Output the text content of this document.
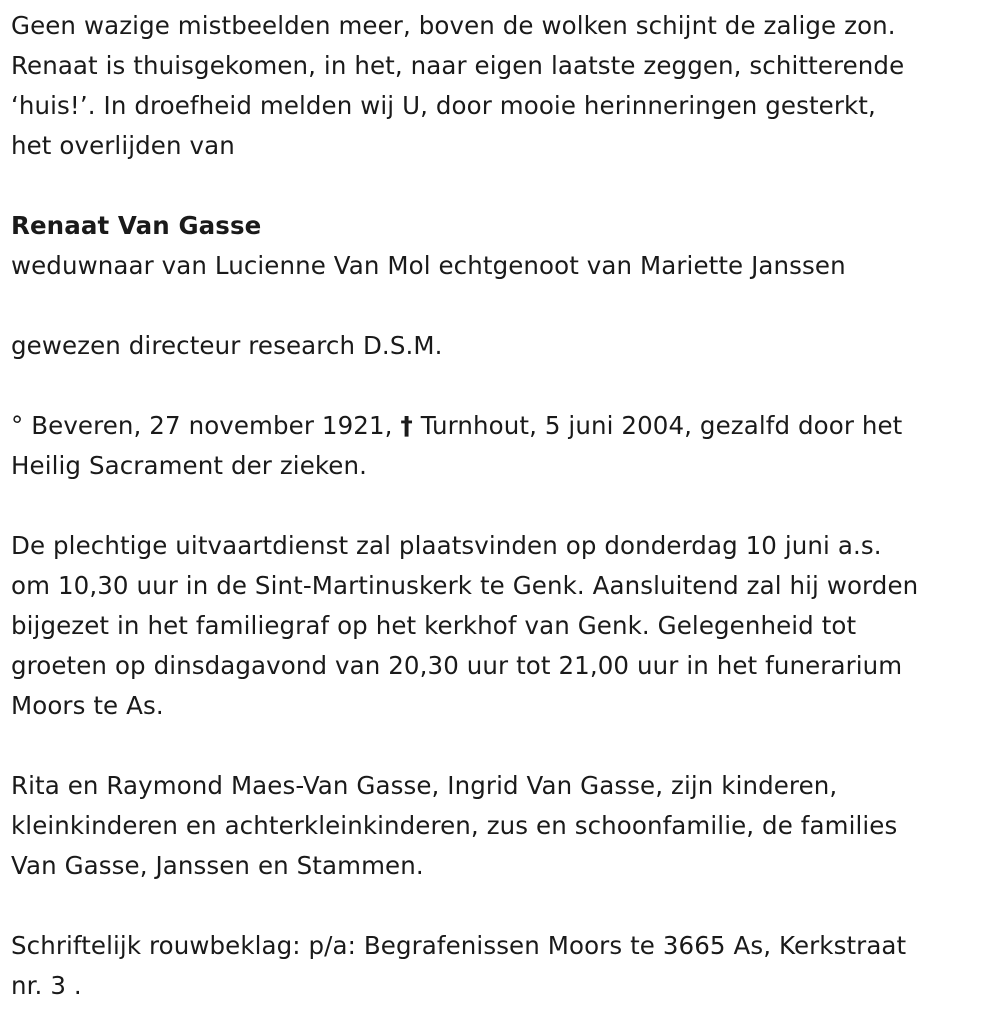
Geen wazige mistbeelden meer, boven de wolken schijnt de zalige zon.
Renaat is thuisgekomen, in het, naar eigen laatste zeggen, schitterende
‘huis!’. In droefheid melden wij U, door mooie herinneringen gesterkt,
het overlijden van

Renaat Van Gasse

weduwnaar van Lucienne Van Mol echtgenoot van Mariette Janssen

gewezen directeur research D.S.M.

° Beveren, 27 november 1921, † Turnhout, 5 juni 2004, gezalfd door het
Heilig Sacrament der zieken.

De plechtige uitvaartdienst zal plaatsvinden op donderdag 10 juni a.s.
om 10,30 uur in de Sint-Martinuskerk te Genk. Aansluitend zal hij worden
bijgezet in het familiegraf op het kerkhof van Genk. Gelegenheid tot
groeten op dinsdagavond van 20,30 uur tot 21,00 uur in het funerarium
Moors te As.

Rita en Raymond Maes-Van Gasse, Ingrid Van Gasse, zijn kinderen,
kleinkinderen en achterkleinkinderen, zus en schoonfamilie, de families
Van Gasse, Janssen en Stammen.

Schriftelijk rouwbeklag: p/a: Begrafenissen Moors te 3665 As, Kerkstraat
nr. 3 .
